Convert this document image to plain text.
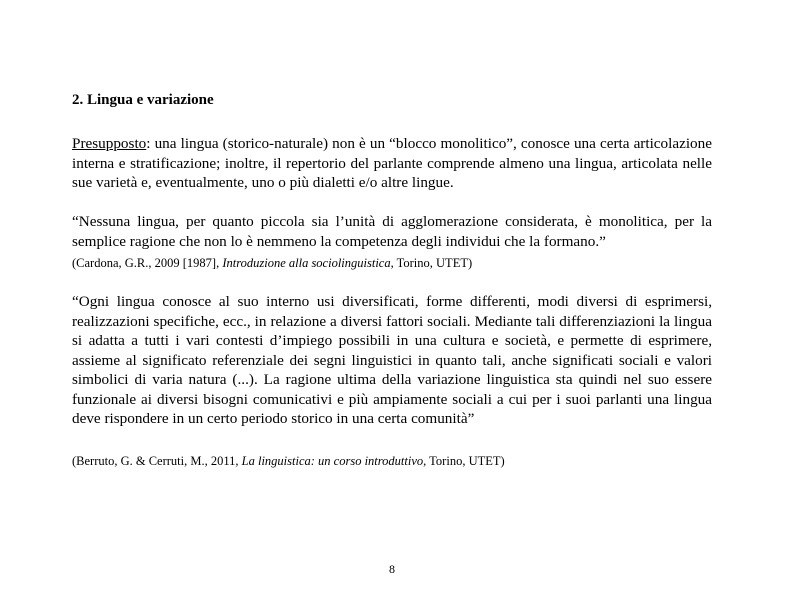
2. Lingua e variazione

Presupposto: una lingua (storico-naturale) non è un “blocco monolitico”, conosce una certa articolazione interna e stratificazione; inoltre, il repertorio del parlante comprende almeno una lingua, articolata nelle sue varietà e, eventualmente, uno o più dialetti e/o altre lingue.

“Nessuna lingua, per quanto piccola sia l’unità di agglomerazione considerata, è monolitica, per la semplice ragione che non lo è nemmeno la competenza degli individui che la formano.”

(Cardona, G.R., 2009 [1987], Introduzione alla sociolinguistica, Torino, UTET)

“Ogni lingua conosce al suo interno usi diversificati, forme differenti, modi diversi di esprimersi, realizzazioni specifiche, ecc., in relazione a diversi fattori sociali. Mediante tali differenziazioni la lingua si adatta a tutti i vari contesti d’impiego possibili in una cultura e società, e permette di esprimere, assieme al significato referenziale dei segni linguistici in quanto tali, anche significati sociali e valori simbolici di varia natura (...). La ragione ultima della variazione linguistica sta quindi nel suo essere funzionale ai diversi bisogni comunicativi e più ampiamente sociali a cui per i suoi parlanti una lingua deve rispondere in un certo periodo storico in una certa comunità”

(Berruto, G. & Cerruti, M., 2011, La linguistica: un corso introduttivo, Torino, UTET)

8
